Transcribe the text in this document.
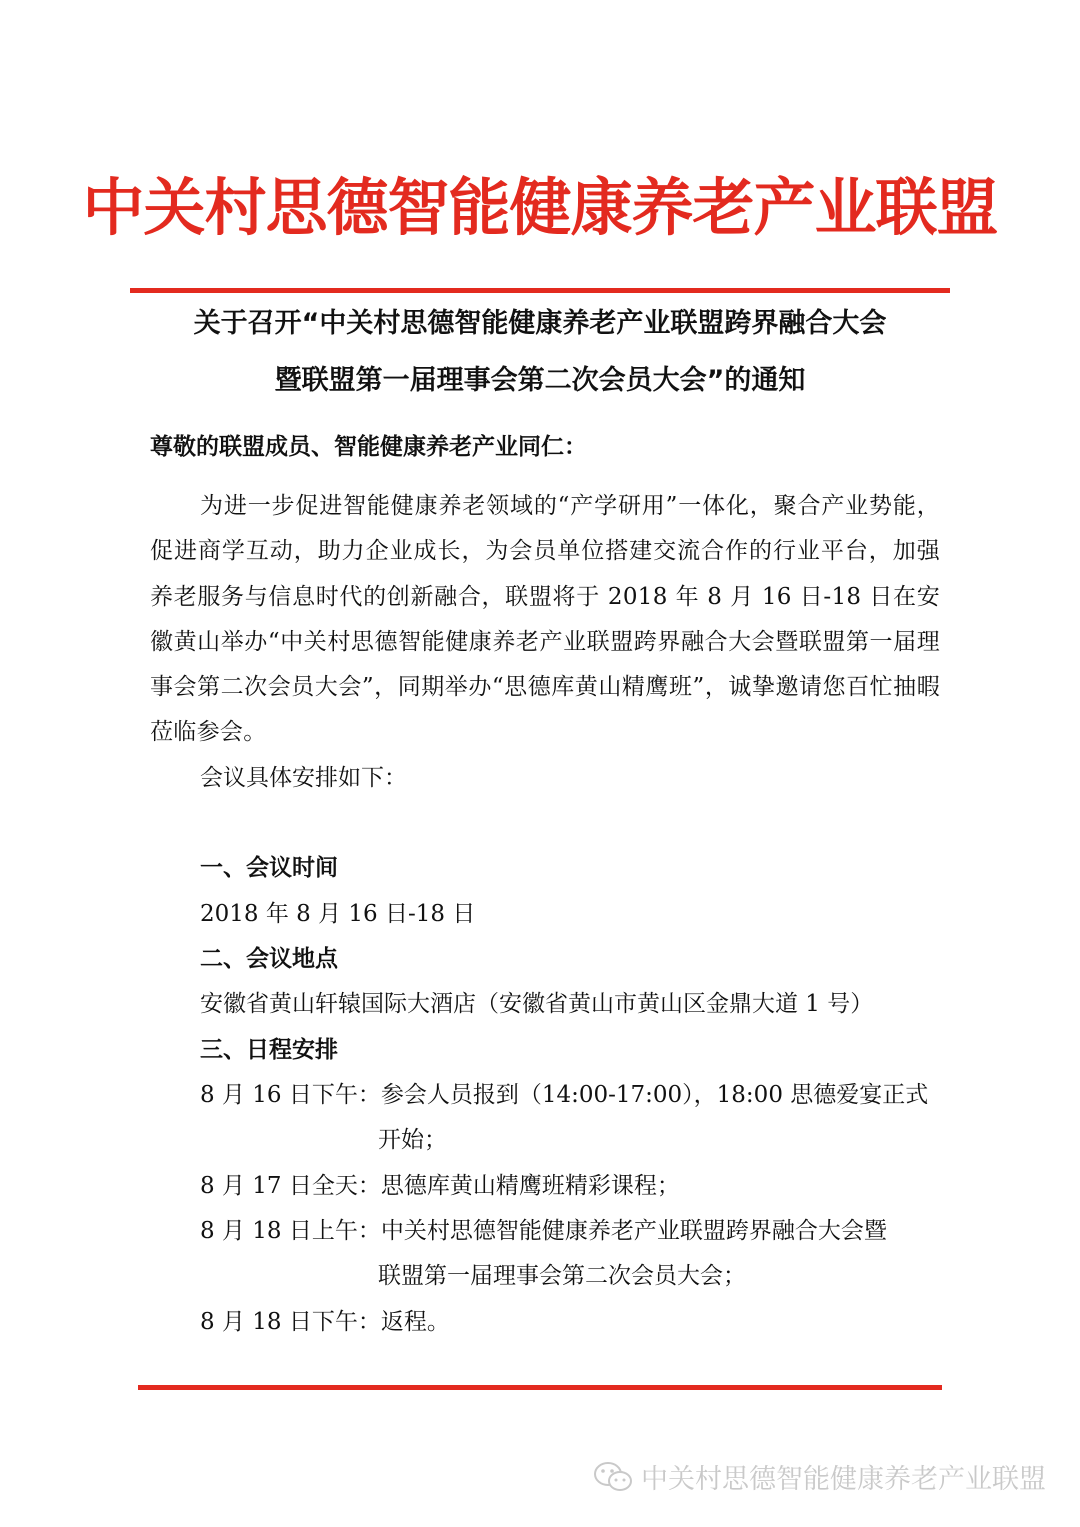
中关村思德智能健康养老产业联盟
关于召开“中关村思德智能健康养老产业联盟跨界融合大会
暨联盟第一届理事会第二次会员大会”的通知
尊敬的联盟成员、智能健康养老产业同仁：
为进一步促进智能健康养老领域的“产学研用”一体化，聚合产业势能，促进商学互动，助力企业成长，为会员单位搭建交流合作的行业平台，加强养老服务与信息时代的创新融合，联盟将于 2018 年 8 月 16 日-18 日在安徽黄山举办“中关村思德智能健康养老产业联盟跨界融合大会暨联盟第一届理事会第二次会员大会”，同期举办“思德库黄山精鹰班”，诚挚邀请您百忙抽暇莅临参会。
会议具体安排如下：
一、会议时间
2018 年 8 月 16 日-18 日
二、会议地点
安徽省黄山轩辕国际大酒店（安徽省黄山市黄山区金鼎大道 1 号）
三、日程安排
8 月 16 日下午：参会人员报到（14:00-17:00），18:00 思德爱宴正式
开始；
8 月 17 日全天：思德库黄山精鹰班精彩课程；
8 月 18 日上午：中关村思德智能健康养老产业联盟跨界融合大会暨
联盟第一届理事会第二次会员大会；
8 月 18 日下午：返程。
中关村思德智能健康养老产业联盟
